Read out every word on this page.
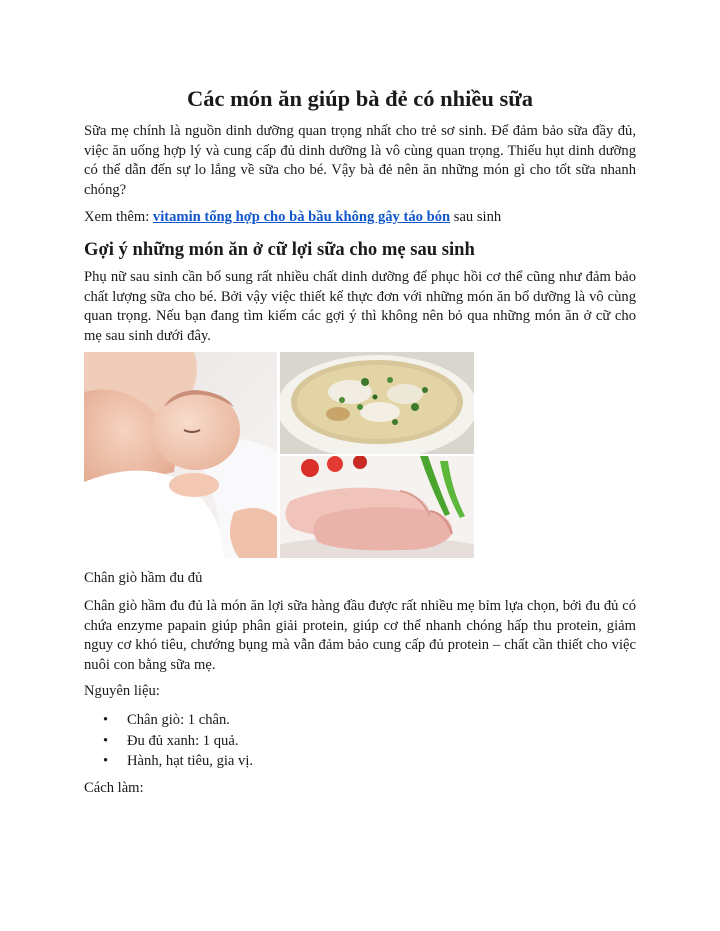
Các món ăn giúp bà đẻ có nhiều sữa

Sữa mẹ chính là nguồn dinh dưỡng quan trọng nhất cho trẻ sơ sinh. Để đảm bảo sữa đầy đủ, việc ăn uống hợp lý và cung cấp đủ dinh dưỡng là vô cùng quan trọng. Thiếu hụt dinh dưỡng có thể dẫn đến sự lo lắng về sữa cho bé. Vậy bà đẻ nên ăn những món gì cho tốt sữa nhanh chóng?

Xem thêm: vitamin tổng hợp cho bà bầu không gây táo bón sau sinh

Gợi ý những món ăn ở cữ lợi sữa cho mẹ sau sinh

Phụ nữ sau sinh cần bổ sung rất nhiều chất dinh dưỡng để phục hồi cơ thể cũng như đảm bảo chất lượng sữa cho bé. Bởi vậy việc thiết kế thực đơn với những món ăn bổ dưỡng là vô cùng quan trọng. Nếu bạn đang tìm kiếm các gợi ý thì không nên bỏ qua những món ăn ở cữ cho mẹ sau sinh dưới đây.

Chân giò hầm đu đủ

Chân giò hầm đu đủ là món ăn lợi sữa hàng đầu được rất nhiều mẹ bỉm lựa chọn, bởi đu đủ có chứa enzyme papain giúp phân giải protein, giúp cơ thể nhanh chóng hấp thu protein, giảm nguy cơ khó tiêu, chướng bụng mà vẫn đảm bảo cung cấp đủ protein – chất cần thiết cho việc nuôi con bằng sữa mẹ.

Nguyên liệu:

• Chân giò: 1 chân.
• Đu đủ xanh: 1 quả.
• Hành, hạt tiêu, gia vị.

Cách làm:
